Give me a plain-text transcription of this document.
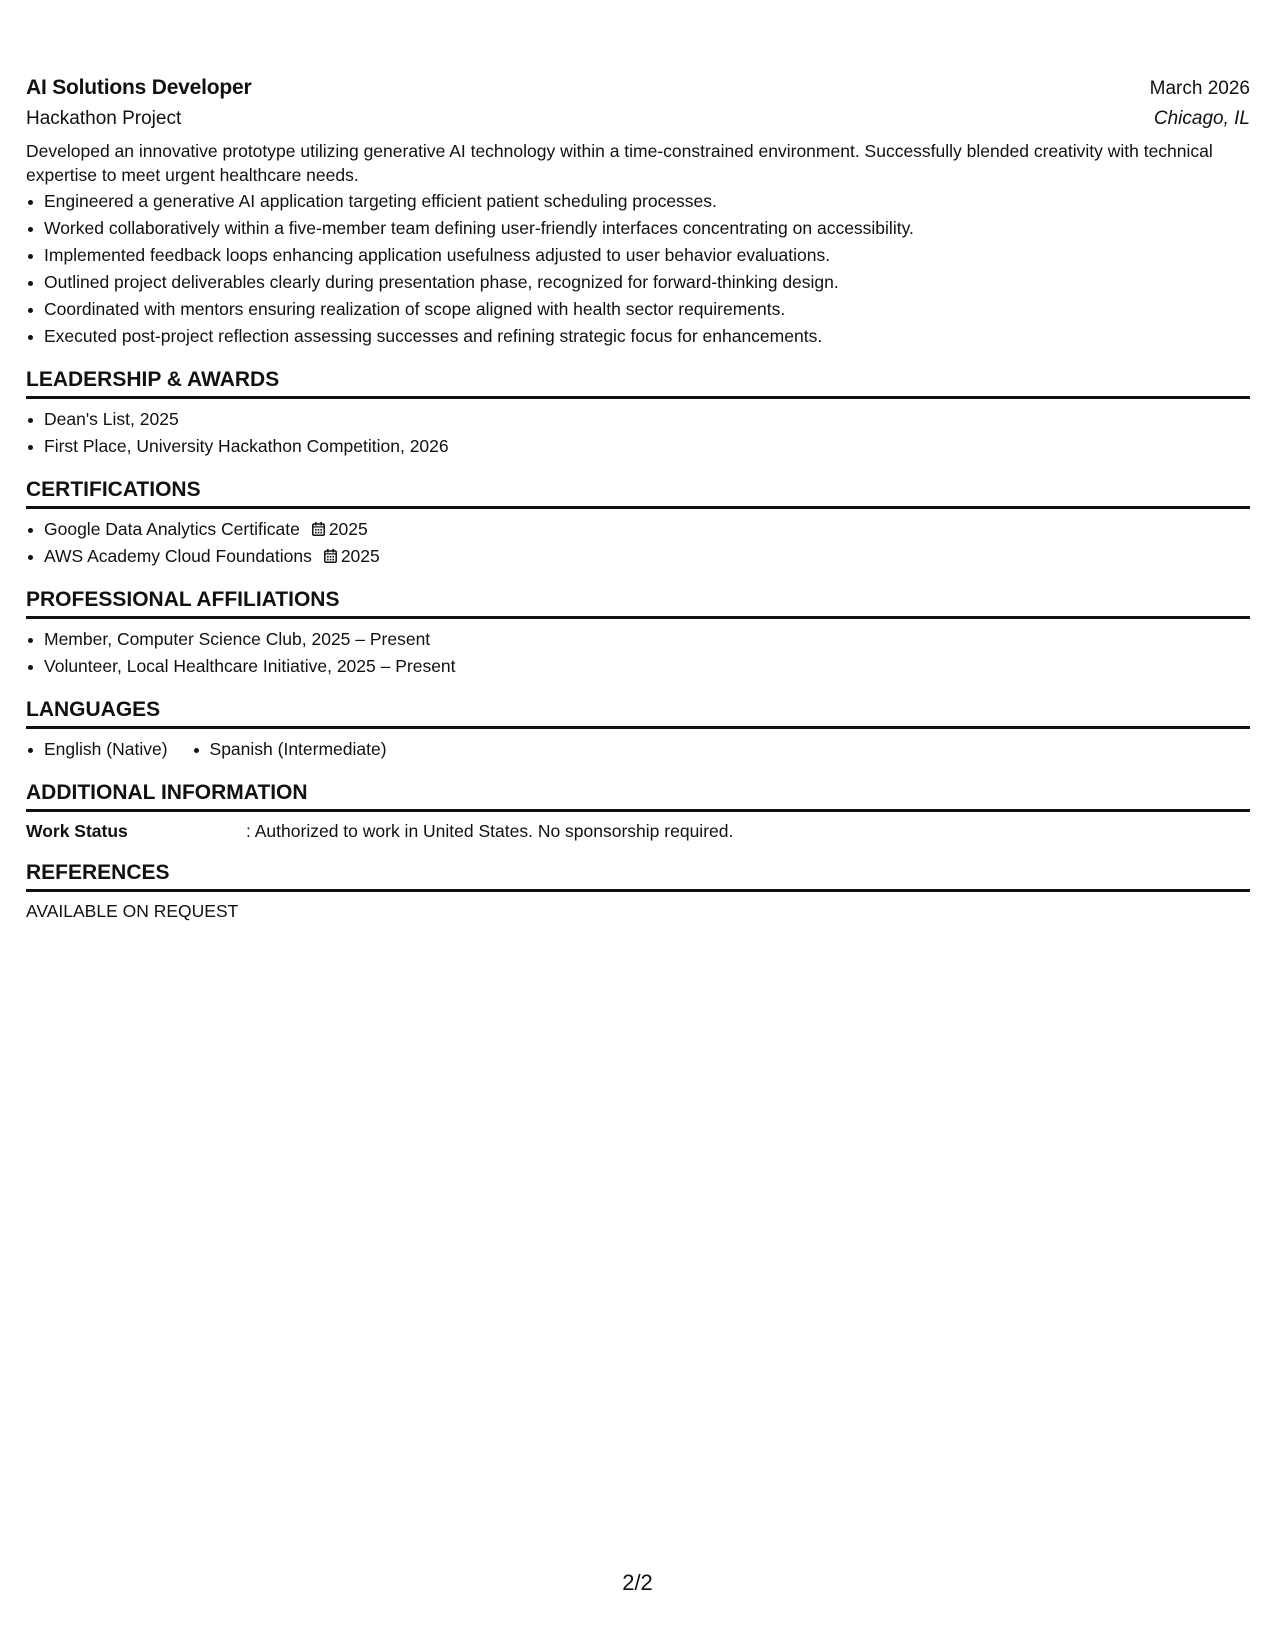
AI Solutions Developer	March 2026
Hackathon Project	Chicago, IL
Developed an innovative prototype utilizing generative AI technology within a time-constrained environment. Successfully blended creativity with technical expertise to meet urgent healthcare needs.
Engineered a generative AI application targeting efficient patient scheduling processes.
Worked collaboratively within a five-member team defining user-friendly interfaces concentrating on accessibility.
Implemented feedback loops enhancing application usefulness adjusted to user behavior evaluations.
Outlined project deliverables clearly during presentation phase, recognized for forward-thinking design.
Coordinated with mentors ensuring realization of scope aligned with health sector requirements.
Executed post-project reflection assessing successes and refining strategic focus for enhancements.
LEADERSHIP & AWARDS
Dean's List, 2025
First Place, University Hackathon Competition, 2026
CERTIFICATIONS
Google Data Analytics Certificate 2025
AWS Academy Cloud Foundations 2025
PROFESSIONAL AFFILIATIONS
Member, Computer Science Club, 2025 – Present
Volunteer, Local Healthcare Initiative, 2025 – Present
LANGUAGES
English (Native) Spanish (Intermediate)
ADDITIONAL INFORMATION
Work Status	: Authorized to work in United States. No sponsorship required.
REFERENCES
AVAILABLE ON REQUEST
2/2
